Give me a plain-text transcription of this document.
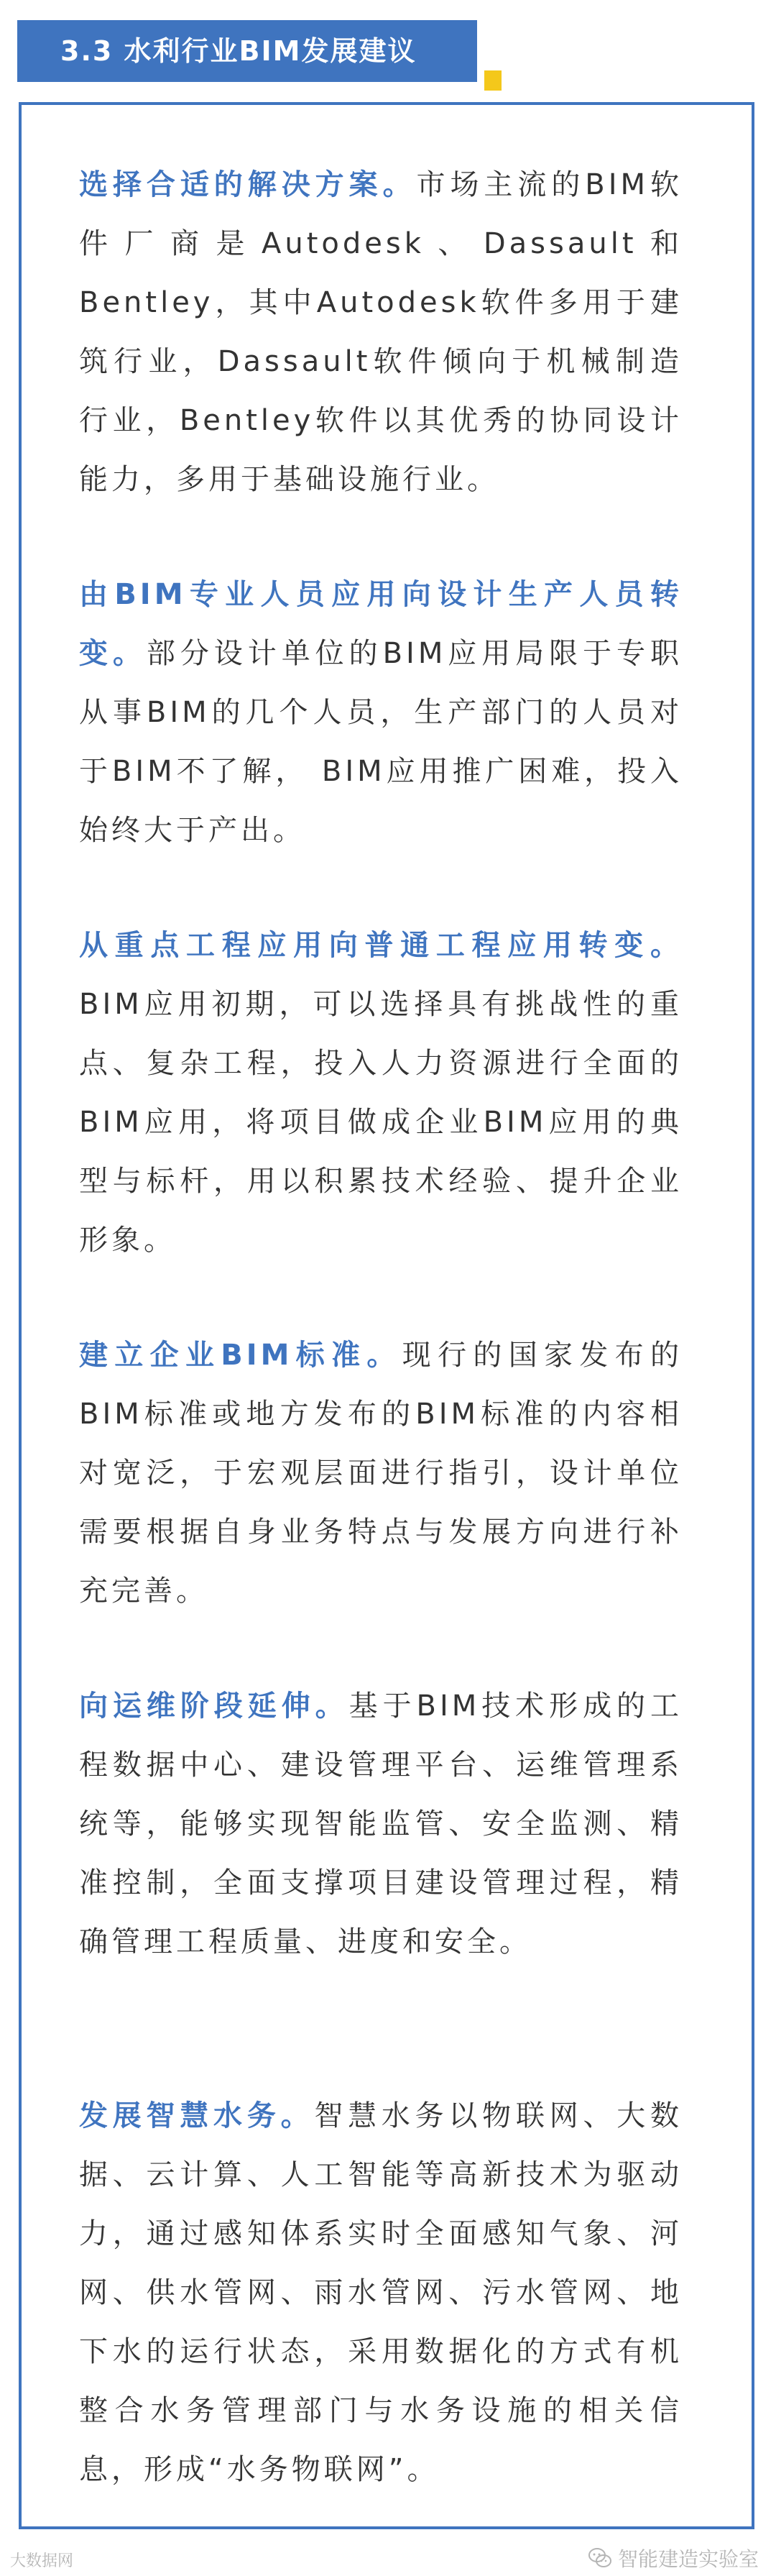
3.3 水利行业BIM发展建议
选择合适的解决方案。市场主流的BIM软件厂商是Autodesk、Dassault和Bentley，其中Autodesk软件多用于建筑行业，Dassault软件倾向于机械制造行业，Bentley软件以其优秀的协同设计能力，多用于基础设施行业。
由BIM专业人员应用向设计生产人员转变。部分设计单位的BIM应用局限于专职从事BIM的几个人员，生产部门的人员对于BIM不了解， BIM应用推广困难，投入始终大于产出。
从重点工程应用向普通工程应用转变。BIM应用初期，可以选择具有挑战性的重点、复杂工程，投入人力资源进行全面的BIM应用，将项目做成企业BIM应用的典型与标杆，用以积累技术经验、提升企业形象。
建立企业BIM标准。现行的国家发布的BIM标准或地方发布的BIM标准的内容相对宽泛，于宏观层面进行指引，设计单位需要根据自身业务特点与发展方向进行补充完善。
向运维阶段延伸。基于BIM技术形成的工程数据中心、建设管理平台、运维管理系统等，能够实现智能监管、安全监测、精准控制，全面支撑项目建设管理过程，精确管理工程质量、进度和安全。
发展智慧水务。智慧水务以物联网、大数据、云计算、人工智能等高新技术为驱动力，通过感知体系实时全面感知气象、河网、供水管网、雨水管网、污水管网、地下水的运行状态，采用数据化的方式有机整合水务管理部门与水务设施的相关信息，形成“水务物联网”。
大数据网	智能建造实验室
